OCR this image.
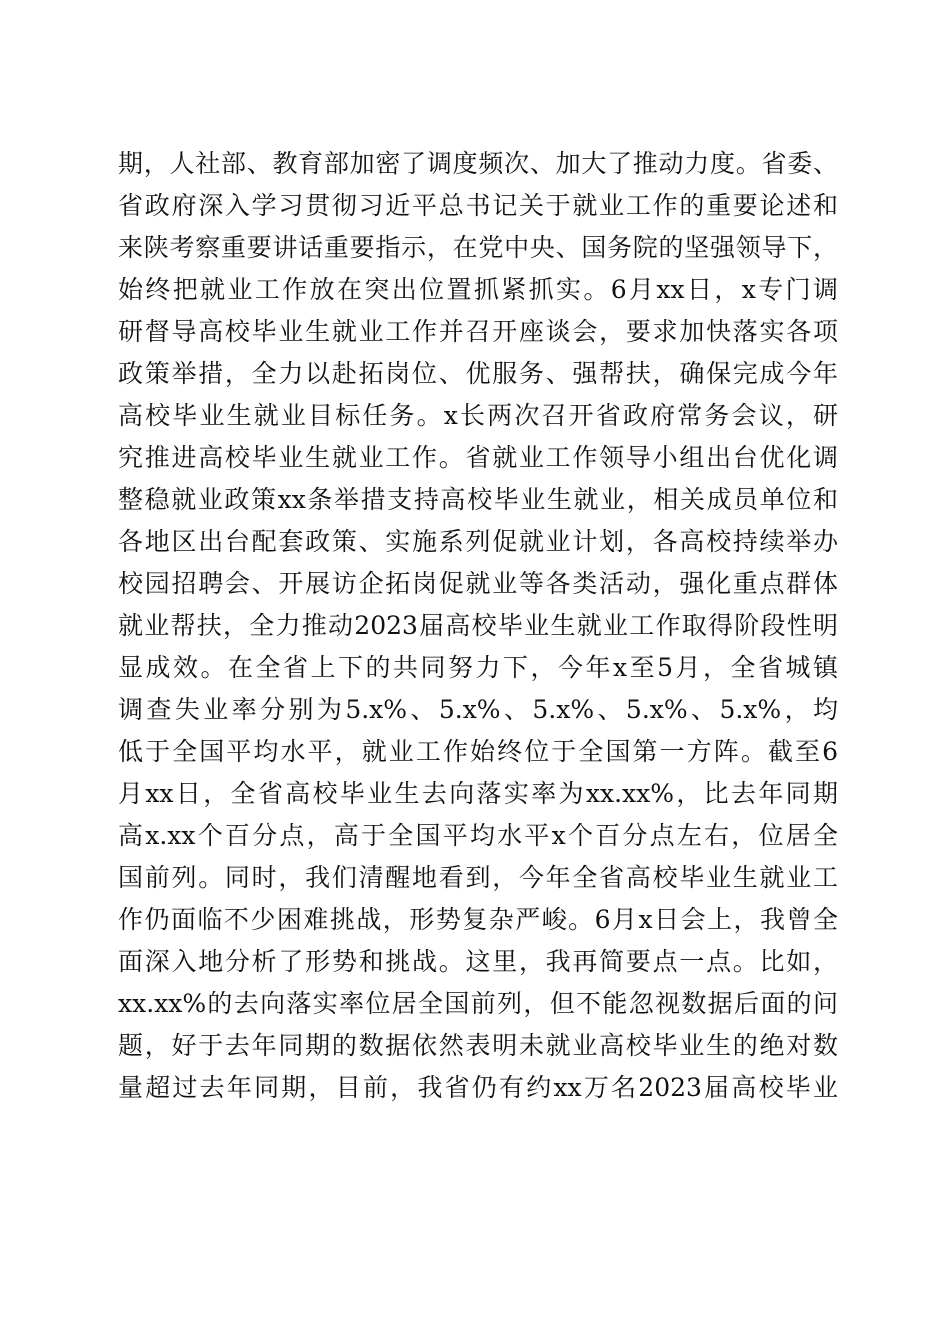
期，人社部、教育部加密了调度频次、加大了推动力度。省委、
省政府深入学习贯彻习近平总书记关于就业工作的重要论述和
来陕考察重要讲话重要指示，在党中央、国务院的坚强领导下，
始终把就业工作放在突出位置抓紧抓实。6月xx日，x专门调
研督导高校毕业生就业工作并召开座谈会，要求加快落实各项
政策举措，全力以赴拓岗位、优服务、强帮扶，确保完成今年
高校毕业生就业目标任务。x长两次召开省政府常务会议，研
究推进高校毕业生就业工作。省就业工作领导小组出台优化调
整稳就业政策xx条举措支持高校毕业生就业，相关成员单位和
各地区出台配套政策、实施系列促就业计划，各高校持续举办
校园招聘会、开展访企拓岗促就业等各类活动，强化重点群体
就业帮扶，全力推动2023届高校毕业生就业工作取得阶段性明
显成效。在全省上下的共同努力下，今年x至5月，全省城镇
调查失业率分别为5.x%、5.x%、5.x%、5.x%、5.x%，均
低于全国平均水平，就业工作始终位于全国第一方阵。截至6
月xx日，全省高校毕业生去向落实率为xx.xx%，比去年同期
高x.xx个百分点，高于全国平均水平x个百分点左右，位居全
国前列。同时，我们清醒地看到，今年全省高校毕业生就业工
作仍面临不少困难挑战，形势复杂严峻。6月x日会上，我曾全
面深入地分析了形势和挑战。这里，我再简要点一点。比如，
xx.xx%的去向落实率位居全国前列，但不能忽视数据后面的问
题，好于去年同期的数据依然表明未就业高校毕业生的绝对数
量超过去年同期，目前，我省仍有约xx万名2023届高校毕业
